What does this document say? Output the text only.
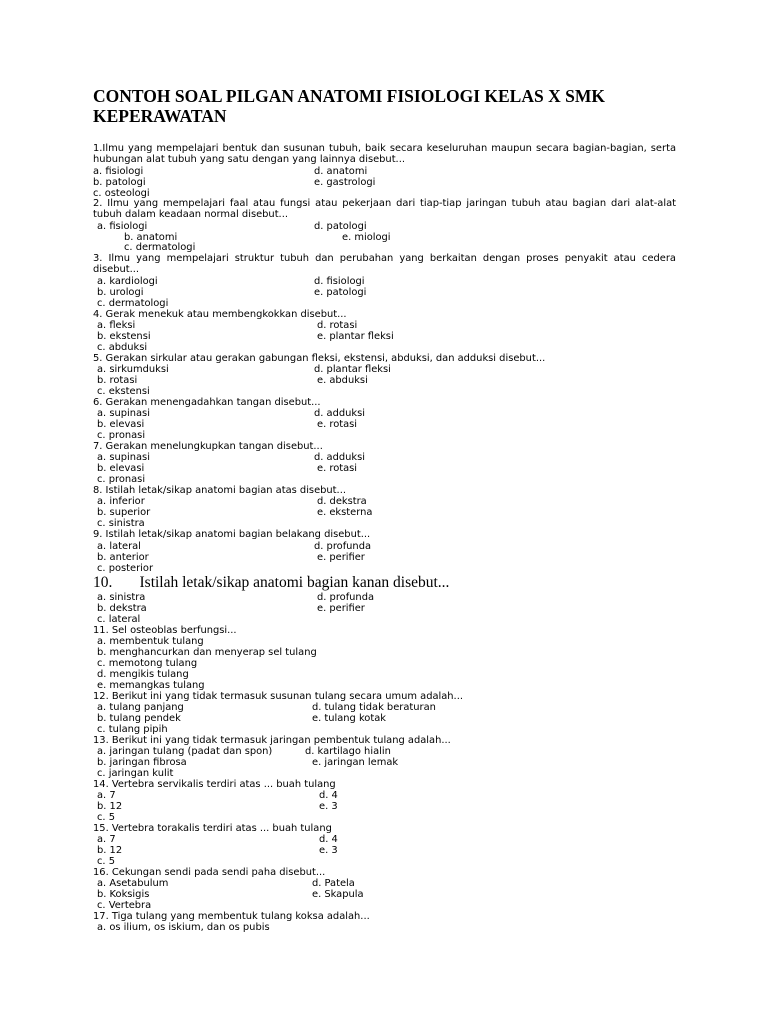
CONTOH SOAL PILGAN ANATOMI FISIOLOGI KELAS X SMK KEPERAWATAN

1.Ilmu yang mempelajari bentuk dan susunan tubuh, baik secara keseluruhan maupun secara bagian-bagian, serta hubungan alat tubuh yang satu dengan yang lainnya disebut...

a. fisiologi	d. anatomi
b. patologi	e. gastrologi
c. osteologi

2. Ilmu yang mempelajari faal atau fungsi atau pekerjaan dari tiap-tiap jaringan tubuh atau bagian dari alat-alat tubuh dalam keadaan normal disebut...

a. fisiologi	d. patologi
b. anatomi	e. miologi
c. dermatologi

3. Ilmu yang mempelajari struktur tubuh dan perubahan yang berkaitan dengan proses penyakit atau cedera disebut...

a. kardiologi	d. fisiologi
b. urologi	e. patologi
c. dermatologi

4. Gerak menekuk atau membengkokkan disebut...

a. fleksi	d. rotasi
b. ekstensi	e. plantar fleksi
c. abduksi

5. Gerakan sirkular atau gerakan gabungan fleksi, ekstensi, abduksi, dan adduksi disebut...

a. sirkumduksi	d. plantar fleksi
b. rotasi	e. abduksi
c. ekstensi

6. Gerakan menengadahkan tangan disebut...

a. supinasi	d. adduksi
b. elevasi	e. rotasi
c. pronasi

7. Gerakan menelungkupkan tangan disebut...

a. supinasi	d. adduksi
b. elevasi	e. rotasi
c. pronasi

8. Istilah letak/sikap anatomi bagian atas disebut...

a. inferior	d. dekstra
b. superior	e. eksterna
c. sinistra

9. Istilah letak/sikap anatomi bagian belakang disebut...

a. lateral	d. profunda
b. anterior	e. perifier
c. posterior

10.       Istilah letak/sikap anatomi bagian kanan disebut...

a. sinistra	d. profunda
b. dekstra	e. perifier
c. lateral

11. Sel osteoblas berfungsi...

a. membentuk tulang
b. menghancurkan dan menyerap sel tulang
c. memotong tulang
d. mengikis tulang
e. memangkas tulang

12. Berikut ini yang tidak termasuk susunan tulang secara umum adalah...

a. tulang panjang	d. tulang tidak beraturan
b. tulang pendek	e. tulang kotak
c. tulang pipih

13. Berikut ini yang tidak termasuk jaringan pembentuk tulang adalah...

a. jaringan tulang (padat dan spon)	d. kartilago hialin
b. jaringan fibrosa	e. jaringan lemak
c. jaringan kulit

14. Vertebra servikalis terdiri atas ... buah tulang

a. 7	d. 4
b. 12	e. 3
c. 5

15. Vertebra torakalis terdiri atas ... buah tulang

a. 7	d. 4
b. 12	e. 3
c. 5

16. Cekungan sendi pada sendi paha disebut...

a. Asetabulum	d. Patela
b. Koksigis	e. Skapula
c. Vertebra

17. Tiga tulang yang membentuk tulang koksa adalah...

a. os ilium, os iskium, dan os pubis
